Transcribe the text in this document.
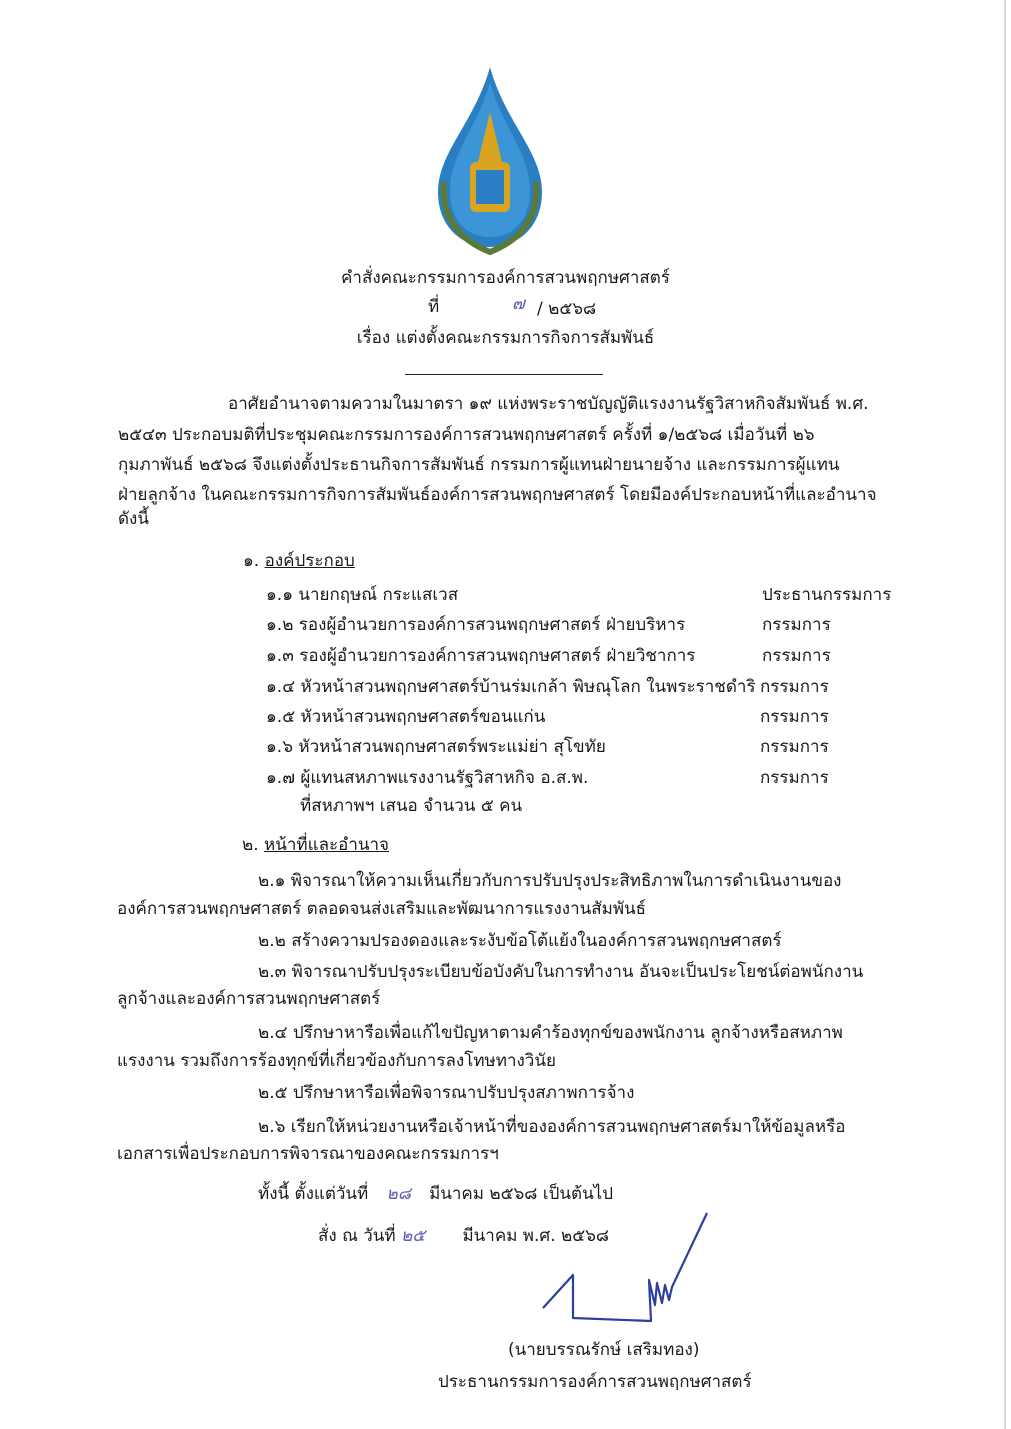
คำสั่งคณะกรรมการองค์การสวนพฤกษศาสตร์
ที่	๗ / ๒๕๖๘
เรื่อง แต่งตั้งคณะกรรมการกิจการสัมพันธ์
อาศัยอำนาจตามความในมาตรา ๑๙ แห่งพระราชบัญญัติแรงงานรัฐวิสาหกิจสัมพันธ์ พ.ศ.
๒๕๔๓ ประกอบมติที่ประชุมคณะกรรมการองค์การสวนพฤกษศาสตร์ ครั้งที่ ๑/๒๕๖๘ เมื่อวันที่ ๒๖
กุมภาพันธ์ ๒๕๖๘ จึงแต่งตั้งประธานกิจการสัมพันธ์ กรรมการผู้แทนฝ่ายนายจ้าง และกรรมการผู้แทน
ฝ่ายลูกจ้าง ในคณะกรรมการกิจการสัมพันธ์องค์การสวนพฤกษศาสตร์ โดยมีองค์ประกอบหน้าที่และอำนาจ
ดังนี้
๑. องค์ประกอบ
๑.๑ นายกฤษณ์ กระแสเวส	ประธานกรรมการ
๑.๒ รองผู้อำนวยการองค์การสวนพฤกษศาสตร์ ฝ่ายบริหาร	กรรมการ
๑.๓ รองผู้อำนวยการองค์การสวนพฤกษศาสตร์ ฝ่ายวิชาการ	กรรมการ
๑.๔ หัวหน้าสวนพฤกษศาสตร์บ้านร่มเกล้า พิษณุโลก ในพระราชดำริ กรรมการ
๑.๕ หัวหน้าสวนพฤกษศาสตร์ขอนแก่น	กรรมการ
๑.๖ หัวหน้าสวนพฤกษศาสตร์พระแม่ย่า สุโขทัย	กรรมการ
๑.๗ ผู้แทนสหภาพแรงงานรัฐวิสาหกิจ อ.ส.พ.	กรรมการ
ที่สหภาพฯ เสนอ จำนวน ๕ คน
๒. หน้าที่และอำนาจ
๒.๑ พิจารณาให้ความเห็นเกี่ยวกับการปรับปรุงประสิทธิภาพในการดำเนินงานของ
องค์การสวนพฤกษศาสตร์ ตลอดจนส่งเสริมและพัฒนาการแรงงานสัมพันธ์
๒.๒ สร้างความปรองดองและระงับข้อโต้แย้งในองค์การสวนพฤกษศาสตร์
๒.๓ พิจารณาปรับปรุงระเบียบข้อบังคับในการทำงาน อันจะเป็นประโยชน์ต่อพนักงาน
ลูกจ้างและองค์การสวนพฤกษศาสตร์
๒.๔ ปรึกษาหารือเพื่อแก้ไขปัญหาตามคำร้องทุกข์ของพนักงาน ลูกจ้างหรือสหภาพ
แรงงาน รวมถึงการร้องทุกข์ที่เกี่ยวข้องกับการลงโทษทางวินัย
๒.๕ ปรึกษาหารือเพื่อพิจารณาปรับปรุงสภาพการจ้าง
๒.๖ เรียกให้หน่วยงานหรือเจ้าหน้าที่ขององค์การสวนพฤกษศาสตร์มาให้ข้อมูลหรือ
เอกสารเพื่อประกอบการพิจารณาของคณะกรรมการฯ
ทั้งนี้ ตั้งแต่วันที่ ๒๘ มีนาคม ๒๕๖๘ เป็นต้นไป
สั่ง ณ วันที่ ๒๕ มีนาคม พ.ศ. ๒๕๖๘
(นายบรรณรักษ์ เสริมทอง)
ประธานกรรมการองค์การสวนพฤกษศาสตร์
